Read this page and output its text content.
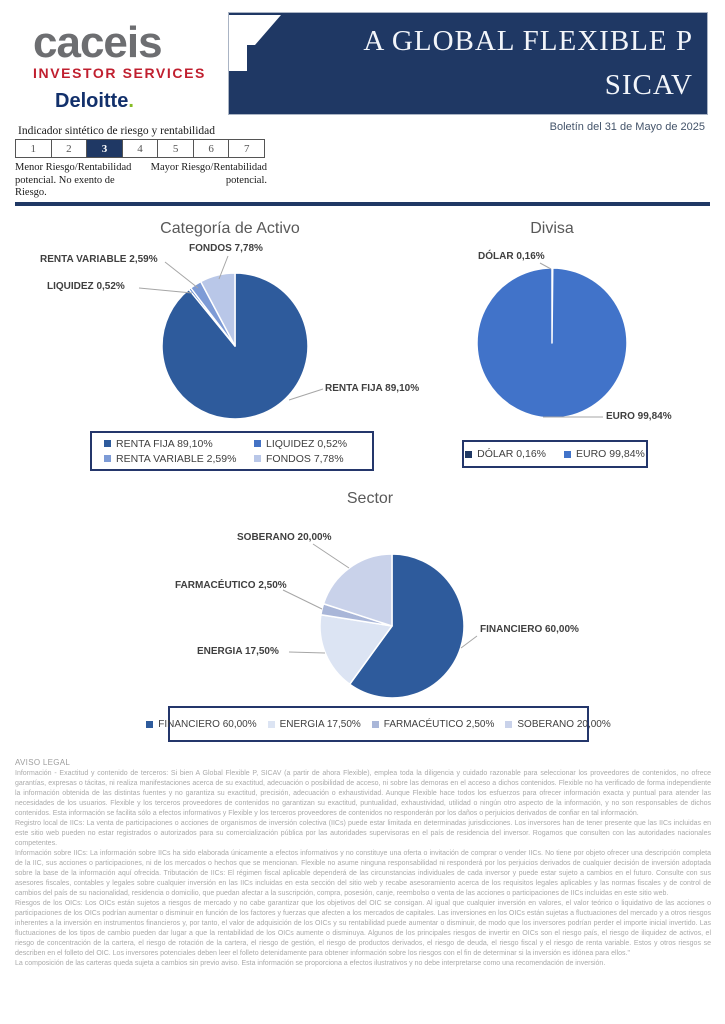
caceis
INVESTOR SERVICES
Deloitte.
A GLOBAL FLEXIBLE P
SICAV
Boletín del 31 de Mayo de 2025
Indicador sintético de riesgo y rentabilidad
1	2	3	4	5	6	7
Menor Riesgo/Rentabilidad potencial. No exento de Riesgo.
Mayor Riesgo/Rentabilidad potencial.
Categoría de Activo
FONDOS 7,78%
RENTA VARIABLE 2,59%
LIQUIDEZ 0,52%
RENTA FIJA 89,10%
Divisa
DÓLAR 0,16%
EURO 99,84%
Sector
SOBERANO 20,00%
FARMACÉUTICO 2,50%
ENERGIA 17,50%
FINANCIERO 60,00%
RENTA FIJA 89,10%	LIQUIDEZ 0,52%
RENTA VARIABLE 2,59%	FONDOS 7,78%	DÓLAR 0,16%	EURO 99,84%
FINANCIERO 60,00% ENERGIA 17,50% FARMACÉUTICO 2,50% SOBERANO 20,00%
AVISO LEGAL

Información - Exactitud y contenido de terceros: Si bien A Global Flexible P, SICAV (a partir de ahora Flexible), emplea toda la diligencia y cuidado razonable para seleccionar los proveedores de contenidos, no ofrece garantías, expresas o tácitas, ni realiza manifestaciones acerca de su exactitud, adecuación o posibilidad de acceso, ni sobre las demoras en el acceso a dichos contenidos. Flexible no ha verificado de forma independiente la información obtenida de las distintas fuentes y no garantiza su exactitud, precisión, adecuación o exhaustividad. Aunque Flexible hace todos los esfuerzos para ofrecer información exacta y puntual para atender las necesidades de los usuarios. Flexible y los terceros proveedores de contenidos no garantizan su exactitud, puntualidad, exhaustividad, utilidad o ningún otro aspecto de la información, y no son responsables de dichos contenidos. Esta información se facilita sólo a efectos informativos y Flexible y los terceros proveedores de contenidos no responderán por los daños o perjuicios derivados de confiar en tal información.

Registro local de IICs: La venta de participaciones o acciones de organismos de inversión colectiva (IICs) puede estar limitada en determinadas jurisdicciones. Los inversores han de tener presente que las IICs incluidas en este sitio web pueden no estar registrados o autorizados para su comercialización pública por las autoridades supervisoras en el país de residencia del inversor. Rogamos que consulten con las autoridades nacionales competentes.

Información sobre IICs: La información sobre IICs ha sido elaborada únicamente a efectos informativos y no constituye una oferta o invitación de comprar o vender IICs. No tiene por objeto ofrecer una descripción completa de la IIC, sus acciones o participaciones, ni de los mercados o hechos que se mencionan. Flexible no asume ninguna responsabilidad ni responderá por los perjuicios derivados de cualquier decisión de inversión adoptada sobre la base de la información aquí ofrecida. Tributación de IICs: El régimen fiscal aplicable dependerá de las circunstancias individuales de cada inversor y puede estar sujeto a cambios en el futuro. Consulte con sus asesores fiscales, contables y legales sobre cualquier inversión en las IICs incluidas en esta sección del sitio web y recabe asesoramiento acerca de los requisitos legales aplicables y las normas fiscales y de control de cambios del país de su nacionalidad, residencia o domicilio, que puedan afectar a la suscripción, compra, posesión, canje, reembolso o venta de las acciones o participaciones de IICs incluidas en este sitio web.

Riesgos de los OICs: Los OICs están sujetos a riesgos de mercado y no cabe garantizar que los objetivos del OIC se consigan. Al igual que cualquier inversión en valores, el valor teórico o liquidativo de las acciones o participaciones de los OICs podrían aumentar o disminuir en función de los factores y fuerzas que afecten a los mercados de capitales. Las inversiones en los OICs están sujetas a fluctuaciones del mercado y a otros riesgos inherentes a la inversión en instrumentos financieros y, por tanto, el valor de adquisición de los OICs y su rentabilidad puede aumentar o disminuir, de modo que los inversores podrían perder el importe inicial invertido. Las fluctuaciones de los tipos de cambio pueden dar lugar a que la rentabilidad de los OICs aumente o disminuya. Algunos de los principales riesgos de invertir en OICs son el riesgo país, el riesgo de iliquidez de activos, el riesgo de concentración de la cartera, el riesgo de rotación de la cartera, el riesgo de gestión, el riesgo de productos derivados, el riesgo de deuda, el riesgo fiscal y el riesgo de renta variable. Estos y otros riesgos se describen en el folleto del OIC. Los inversores potenciales deben leer el folleto detenidamente para obtener información sobre los riesgos con el fin de determinar si la inversión es idónea para ellos."

La composición de las carteras queda sujeta a cambios sin previo aviso. Esta información se proporciona a efectos ilustrativos y no debe interpretarse como una recomendación de inversión.
